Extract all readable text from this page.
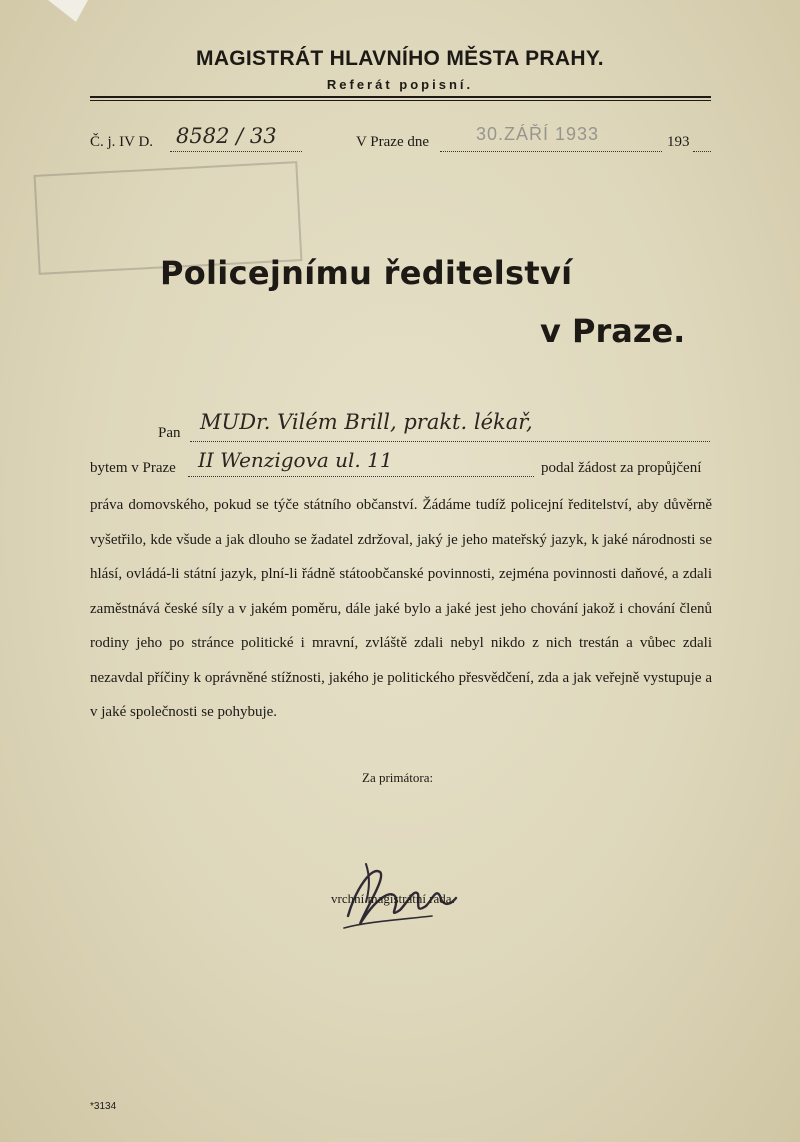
MAGISTRÁT HLAVNÍHO MĚSTA PRAHY.
Referát popisní.
Č. j. IV D. 8582 / 33	V Praze dne	30.ZÁŘÍ 1933	193
Policejnímu ředitelství
v Praze.
Pan MUDr. Vilém Brill, prakt. lékař,
bytem v Praze II Wenzigova ul. 11	podal žádost za propůjčení
práva domovského, pokud se týče státního občanství. Žádáme tudíž policejní ředitelství, aby důvěrně vyšetřilo, kde všude a jak dlouho se žadatel zdržoval, jaký je jeho mateřský jazyk, k jaké národnosti se hlásí, ovládá-li státní jazyk, plní-li řádně státoobčanské povinnosti, zejména povinnosti daňové, a zdali zaměstnává české síly a v jakém poměru, dále jaké bylo a jaké jest jeho chování jakož i chování členů rodiny jeho po stránce politické i mravní, zvláště zdali nebyl nikdo z nich trestán a vůbec zdali nezavdal příčiny k oprávněné stížnosti, jakého je politického přesvědčení, zda a jak veřejně vystupuje a v jaké společnosti se pohybuje.
Za primátora:
vrchní magistrátní rada.
*3134
